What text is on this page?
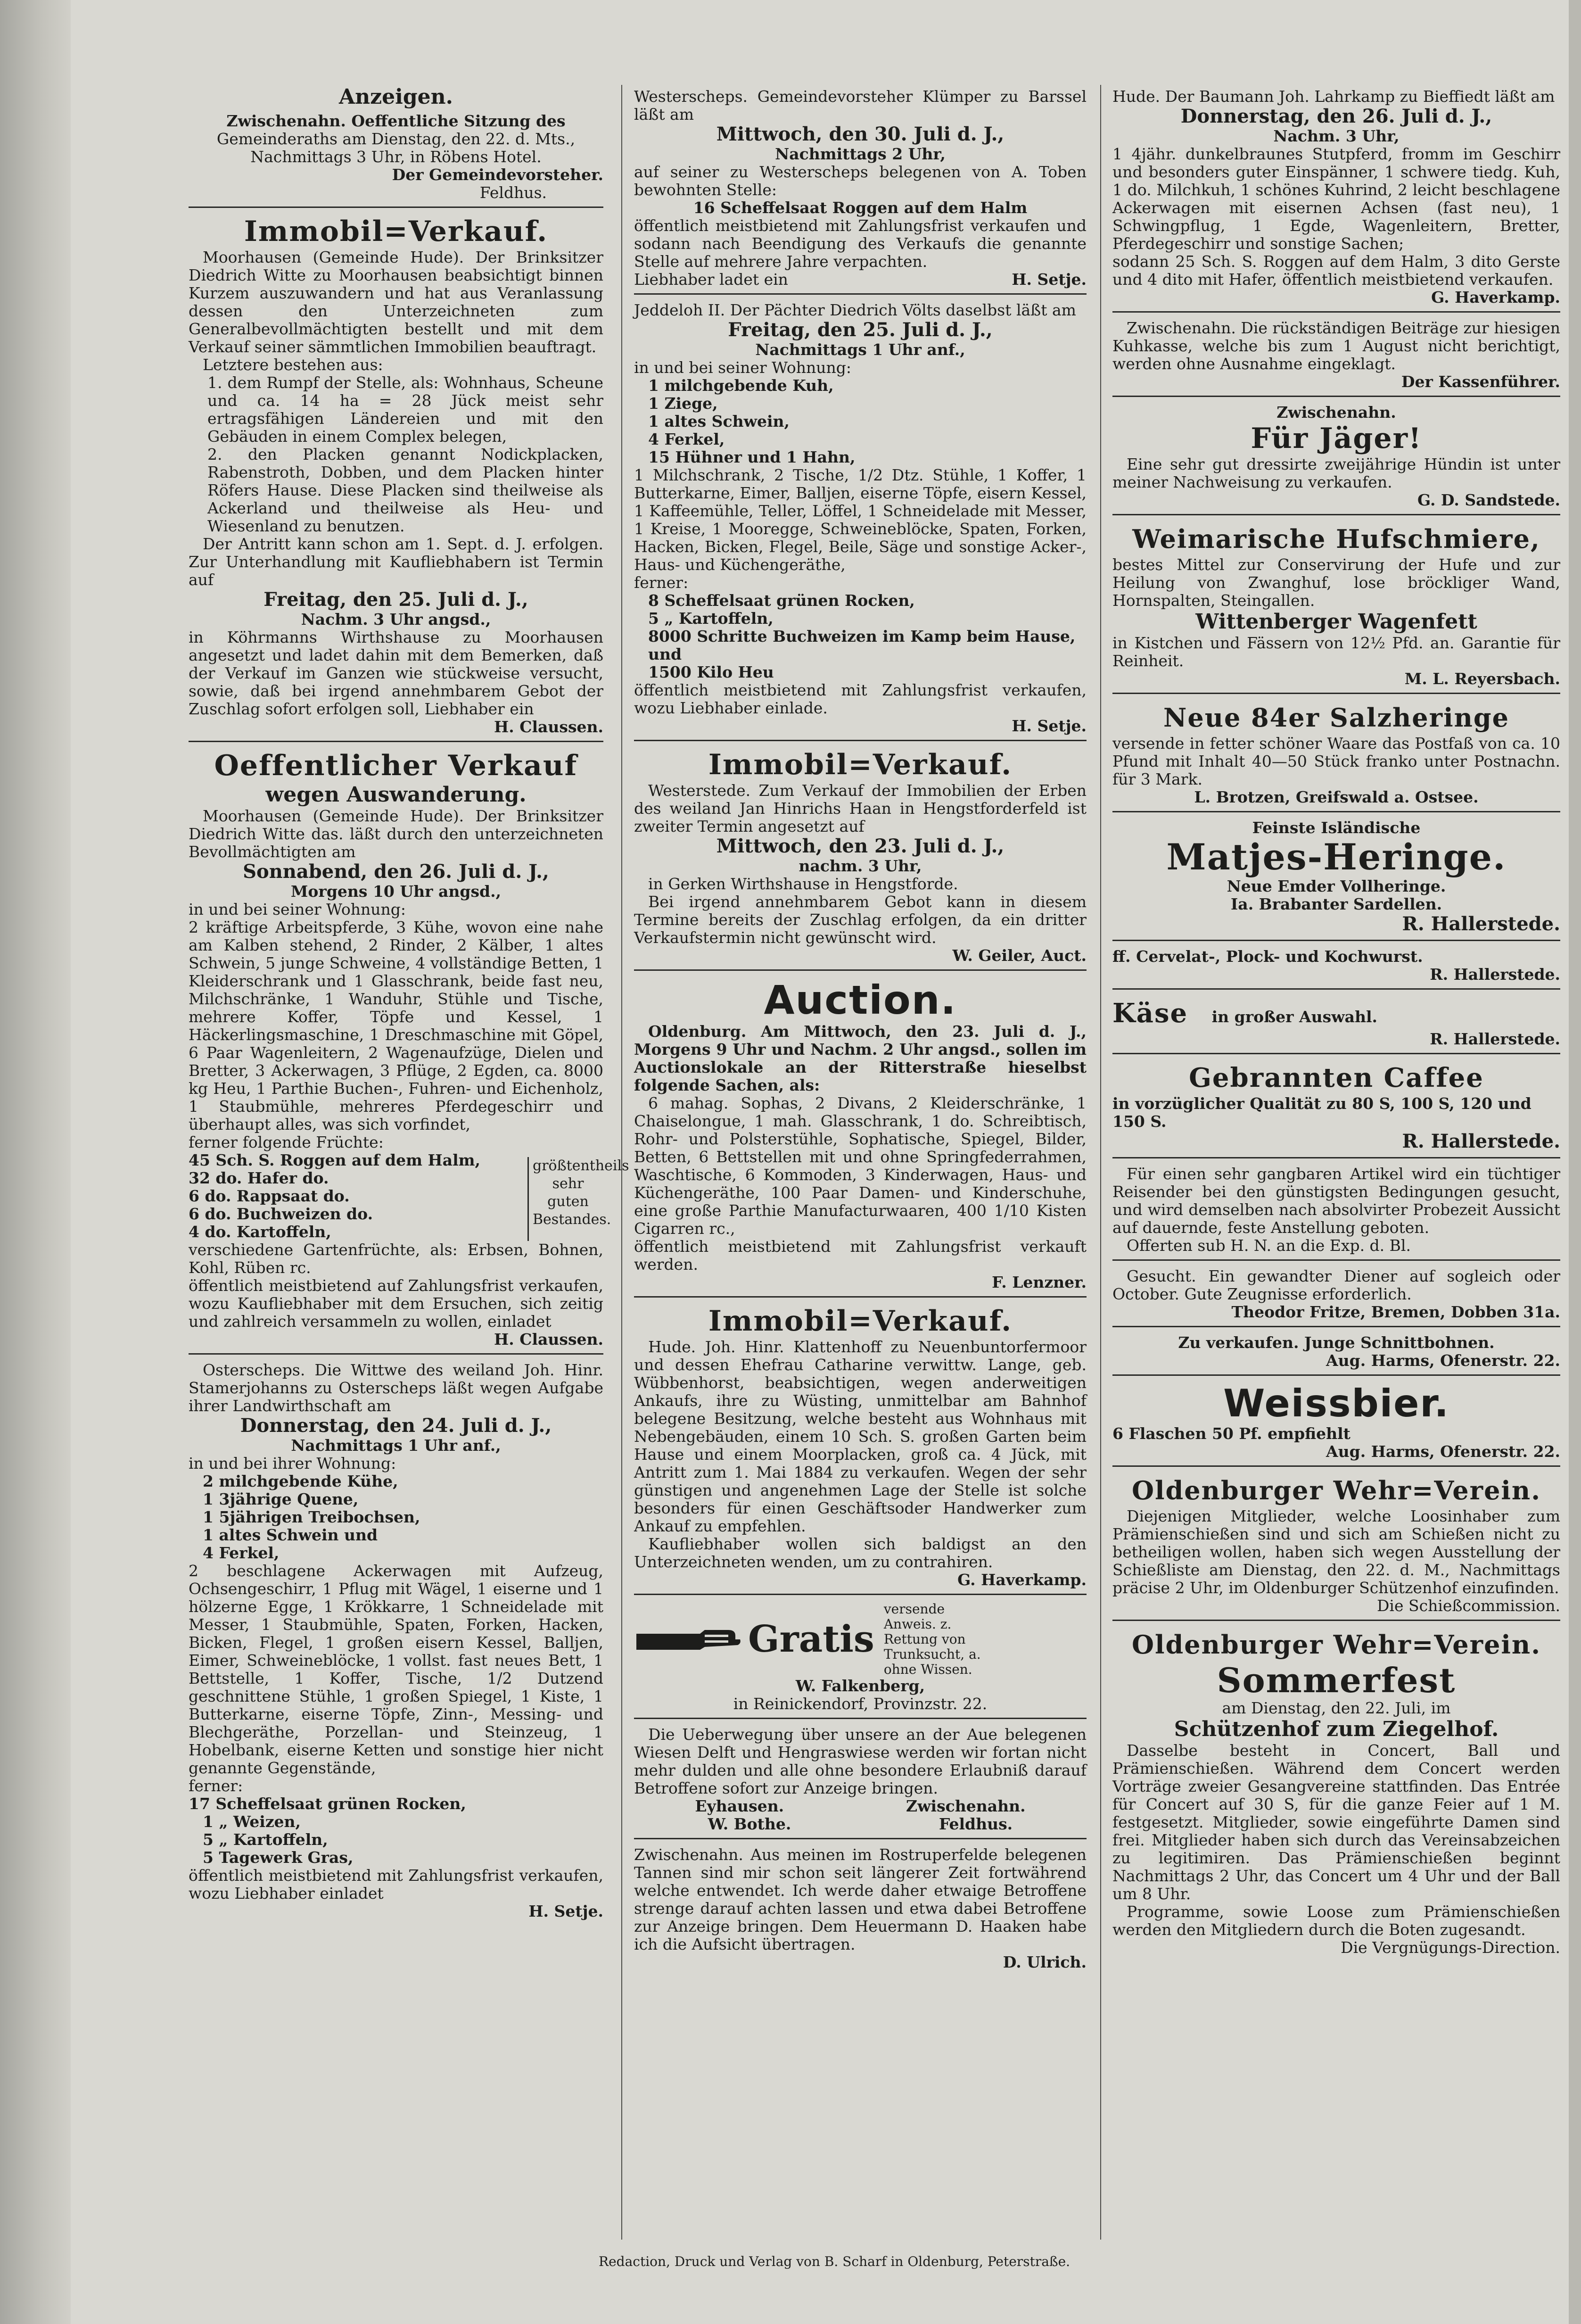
Anzeigen.

Zwischenahn. Oeffentliche Sitzung des

Gemeinderaths am Dienstag, den 22. d. Mts.,

Nachmittags 3 Uhr, in Röbens Hotel.

Der Gemeindevorsteher.

Feldhus.

Immobil=Verkauf.

Moorhausen (Gemeinde Hude). Der Brinksitzer Diedrich Witte zu Moorhausen beabsichtigt binnen Kurzem auszuwandern und hat aus Veranlassung dessen den Unterzeichneten zum Generalbevollmächtigten bestellt und mit dem Verkauf seiner sämmtlichen Immobilien beauftragt.

Letztere bestehen aus:

1. dem Rumpf der Stelle, als: Wohnhaus, Scheune und ca. 14 ha = 28 Jück meist sehr ertragsfähigen Ländereien und mit den Gebäuden in einem Complex belegen,

2. den Placken genannt Nodickplacken, Rabenstroth, Dobben, und dem Placken hinter Röfers Hause. Diese Placken sind theilweise als Ackerland und theilweise als Heu- und Wiesenland zu benutzen.

Der Antritt kann schon am 1. Sept. d. J. erfolgen. Zur Unterhandlung mit Kaufliebhabern ist Termin auf

Freitag, den 25. Juli d. J.,

Nachm. 3 Uhr angsd.,

in Köhrmanns Wirthshause zu Moorhausen angesetzt und ladet dahin mit dem Bemerken, daß der Verkauf im Ganzen wie stückweise versucht, sowie, daß bei irgend annehmbarem Gebot der Zuschlag sofort erfolgen soll, Liebhaber ein

H. Claussen.

Oeffentlicher Verkauf

wegen Auswanderung.

Moorhausen (Gemeinde Hude). Der Brinksitzer Diedrich Witte das. läßt durch den unterzeichneten Bevollmächtigten am

Sonnabend, den 26. Juli d. J.,

Morgens 10 Uhr angsd.,

in und bei seiner Wohnung:

2 kräftige Arbeitspferde, 3 Kühe, wovon eine nahe am Kalben stehend, 2 Rinder, 2 Kälber, 1 altes Schwein, 5 junge Schweine, 4 vollständige Betten, 1 Kleiderschrank und 1 Glasschrank, beide fast neu, Milchschränke, 1 Wanduhr, Stühle und Tische, mehrere Koffer, Töpfe und Kessel, 1 Häckerlingsmaschine, 1 Dreschmaschine mit Göpel, 6 Paar Wagenleitern, 2 Wagenaufzüge, Dielen und Bretter, 3 Ackerwagen, 3 Pflüge, 2 Egden, ca. 8000 kg Heu, 1 Parthie Buchen-, Fuhren- und Eichenholz, 1 Staubmühle, mehreres Pferdegeschirr und überhaupt alles, was sich vorfindet,

ferner folgende Früchte:

45 Sch. S. Roggen auf dem Halm,

32 do. Hafer do.

6 do. Rappsaat do.

6 do. Buchweizen do.

4 do. Kartoffeln,

größtentheils sehr guten Bestandes.

verschiedene Gartenfrüchte, als: Erbsen, Bohnen, Kohl, Rüben rc.

öffentlich meistbietend auf Zahlungsfrist verkaufen, wozu Kaufliebhaber mit dem Ersuchen, sich zeitig und zahlreich versammeln zu wollen, einladet

H. Claussen.

Osterscheps. Die Wittwe des weiland Joh. Hinr. Stamerjohanns zu Osterscheps läßt wegen Aufgabe ihrer Landwirthschaft am

Donnerstag, den 24. Juli d. J.,

Nachmittags 1 Uhr anf.,

in und bei ihrer Wohnung:

2 milchgebende Kühe,

1 3jährige Quene,

1 5jährigen Treibochsen,

1 altes Schwein und

4 Ferkel,

2 beschlagene Ackerwagen mit Aufzeug, Ochsengeschirr, 1 Pflug mit Wägel, 1 eiserne und 1 hölzerne Egge, 1 Krökkarre, 1 Schneidelade mit Messer, 1 Staubmühle, Spaten, Forken, Hacken, Bicken, Flegel, 1 großen eisern Kessel, Balljen, Eimer, Schweineblöcke, 1 vollst. fast neues Bett, 1 Bettstelle, 1 Koffer, Tische, 1/2 Dutzend geschnittene Stühle, 1 großen Spiegel, 1 Kiste, 1 Butterkarne, eiserne Töpfe, Zinn-, Messing- und Blechgeräthe, Porzellan- und Steinzeug, 1 Hobelbank, eiserne Ketten und sonstige hier nicht genannte Gegenstände,

ferner:

17 Scheffelsaat grünen Rocken,

1 „ Weizen,

5 „ Kartoffeln,

5 Tagewerk Gras,

öffentlich meistbietend mit Zahlungsfrist verkaufen, wozu Liebhaber einladet

H. Setje.

Westerscheps. Gemeindevorsteher Klümper zu Barssel läßt am

Mittwoch, den 30. Juli d. J.,

Nachmittags 2 Uhr,

auf seiner zu Westerscheps belegenen von A. Toben bewohnten Stelle:

16 Scheffelsaat Roggen auf dem Halm

öffentlich meistbietend mit Zahlungsfrist verkaufen und sodann nach Beendigung des Verkaufs die genannte Stelle auf mehrere Jahre verpachten.

Liebhaber ladet ein	H. Setje.

Jeddeloh II. Der Pächter Diedrich Völts daselbst läßt am

Freitag, den 25. Juli d. J.,

Nachmittags 1 Uhr anf.,

in und bei seiner Wohnung:

1 milchgebende Kuh,

1 Ziege,

1 altes Schwein,

4 Ferkel,

15 Hühner und 1 Hahn,

1 Milchschrank, 2 Tische, 1/2 Dtz. Stühle, 1 Koffer, 1 Butterkarne, Eimer, Balljen, eiserne Töpfe, eisern Kessel, 1 Kaffeemühle, Teller, Löffel, 1 Schneidelade mit Messer, 1 Kreise, 1 Mooregge, Schweineblöcke, Spaten, Forken, Hacken, Bicken, Flegel, Beile, Säge und sonstige Acker-, Haus- und Küchengeräthe,

ferner:

8 Scheffelsaat grünen Rocken,

5 „ Kartoffeln,

8000 Schritte Buchweizen im Kamp beim Hause, und

1500 Kilo Heu

öffentlich meistbietend mit Zahlungsfrist verkaufen, wozu Liebhaber einlade.

H. Setje.

Immobil=Verkauf.

Westerstede. Zum Verkauf der Immobilien der Erben des weiland Jan Hinrichs Haan in Hengstforderfeld ist zweiter Termin angesetzt auf

Mittwoch, den 23. Juli d. J.,

nachm. 3 Uhr,

in Gerken Wirthshause in Hengstforde.

Bei irgend annehmbarem Gebot kann in diesem Termine bereits der Zuschlag erfolgen, da ein dritter Verkaufstermin nicht gewünscht wird.

W. Geiler, Auct.

Auction.

Oldenburg. Am Mittwoch, den 23. Juli d. J., Morgens 9 Uhr und Nachm. 2 Uhr angsd., sollen im Auctionslokale an der Ritterstraße hieselbst folgende Sachen, als:

6 mahag. Sophas, 2 Divans, 2 Kleiderschränke, 1 Chaiselongue, 1 mah. Glasschrank, 1 do. Schreibtisch, Rohr- und Polsterstühle, Sophatische, Spiegel, Bilder, Betten, 6 Bettstellen mit und ohne Springfederrahmen, Waschtische, 6 Kommoden, 3 Kinderwagen, Haus- und Küchengeräthe, 100 Paar Damen- und Kinderschuhe, eine große Parthie Manufacturwaaren, 400 1/10 Kisten Cigarren rc.,

öffentlich meistbietend mit Zahlungsfrist verkauft werden.

F. Lenzner.

Immobil=Verkauf.

Hude. Joh. Hinr. Klattenhoff zu Neuenbuntorfermoor und dessen Ehefrau Catharine verwittw. Lange, geb. Wübbenhorst, beabsichtigen, wegen anderweitigen Ankaufs, ihre zu Wüsting, unmittelbar am Bahnhof belegene Besitzung, welche besteht aus Wohnhaus mit Nebengebäuden, einem 10 Sch. S. großen Garten beim Hause und einem Moorplacken, groß ca. 4 Jück, mit Antritt zum 1. Mai 1884 zu verkaufen. Wegen der sehr günstigen und angenehmen Lage der Stelle ist solche besonders für einen Geschäftsoder Handwerker zum Ankauf zu empfehlen.

Kaufliebhaber wollen sich baldigst an den Unterzeichneten wenden, um zu contrahiren.

G. Haverkamp.

Gratis
versende Anweis. z. Rettung von Trunksucht, a. ohne Wissen.

W. Falkenberg,

in Reinickendorf, Provinzstr. 22.

Die Ueberwegung über unsere an der Aue belegenen Wiesen Delft und Hengraswiese werden wir fortan nicht mehr dulden und alle ohne besondere Erlaubniß darauf Betroffene sofort zur Anzeige bringen.

Eyhausen.	Zwischenahn.

W. Bothe.	Feldhus.

Zwischenahn. Aus meinen im Rostruperfelde belegenen Tannen sind mir schon seit längerer Zeit fortwährend welche entwendet. Ich werde daher etwaige Betroffene strenge darauf achten lassen und etwa dabei Betroffene zur Anzeige bringen. Dem Heuermann D. Haaken habe ich die Aufsicht übertragen.

D. Ulrich.

Hude. Der Baumann Joh. Lahrkamp zu Bieffiedt läßt am

Donnerstag, den 26. Juli d. J.,

Nachm. 3 Uhr,

1 4jähr. dunkelbraunes Stutpferd, fromm im Geschirr und besonders guter Einspänner, 1 schwere tiedg. Kuh, 1 do. Milchkuh, 1 schönes Kuhrind, 2 leicht beschlagene Ackerwagen mit eisernen Achsen (fast neu), 1 Schwingpflug, 1 Egde, Wagenleitern, Bretter, Pferdegeschirr und sonstige Sachen;

sodann 25 Sch. S. Roggen auf dem Halm, 3 dito Gerste und 4 dito mit Hafer, öffentlich meistbietend verkaufen.

G. Haverkamp.

Zwischenahn. Die rückständigen Beiträge zur hiesigen Kuhkasse, welche bis zum 1 August nicht berichtigt, werden ohne Ausnahme eingeklagt.

Der Kassenführer.

Zwischenahn.

Für Jäger!

Eine sehr gut dressirte zweijährige Hündin ist unter meiner Nachweisung zu verkaufen.

G. D. Sandstede.

Weimarische Hufschmiere,

bestes Mittel zur Conservirung der Hufe und zur Heilung von Zwanghuf, lose bröckliger Wand, Hornspalten, Steingallen.

Wittenberger Wagenfett

in Kistchen und Fässern von 12½ Pfd. an. Garantie für Reinheit.

M. L. Reyersbach.

Neue 84er Salzheringe

versende in fetter schöner Waare das Postfaß von ca. 10 Pfund mit Inhalt 40—50 Stück franko unter Postnachn. für 3 Mark.

L. Brotzen, Greifswald a. Ostsee.

Feinste Isländische

Matjes-Heringe.

Neue Emder Vollheringe.

Ia. Brabanter Sardellen.

R. Hallerstede.

ff. Cervelat-, Plock- und Kochwurst.

R. Hallerstede.

Käse in großer Auswahl.

R. Hallerstede.

Gebrannten Caffee

in vorzüglicher Qualität zu 80 S, 100 S, 120 und 150 S.

R. Hallerstede.

Für einen sehr gangbaren Artikel wird ein tüchtiger Reisender bei den günstigsten Bedingungen gesucht, und wird demselben nach absolvirter Probezeit Aussicht auf dauernde, feste Anstellung geboten.

Offerten sub H. N. an die Exp. d. Bl.

Gesucht. Ein gewandter Diener auf sogleich oder October. Gute Zeugnisse erforderlich.

Theodor Fritze, Bremen, Dobben 31a.

Zu verkaufen. Junge Schnittbohnen.

Aug. Harms, Ofenerstr. 22.

Weissbier.

6 Flaschen 50 Pf. empfiehlt

Aug. Harms, Ofenerstr. 22.

Oldenburger Wehr=Verein.

Diejenigen Mitglieder, welche Loosinhaber zum Prämienschießen sind und sich am Schießen nicht zu betheiligen wollen, haben sich wegen Ausstellung der Schießliste am Dienstag, den 22. d. M., Nachmittags präcise 2 Uhr, im Oldenburger Schützenhof einzufinden.

Die Schießcommission.

Oldenburger Wehr=Verein.

Sommerfest

am Dienstag, den 22. Juli, im

Schützenhof zum Ziegelhof.

Dasselbe besteht in Concert, Ball und Prämienschießen. Während dem Concert werden Vorträge zweier Gesangvereine stattfinden. Das Entrée für Concert auf 30 S, für die ganze Feier auf 1 M. festgesetzt. Mitglieder, sowie eingeführte Damen sind frei. Mitglieder haben sich durch das Vereinsabzeichen zu legitimiren. Das Prämienschießen beginnt Nachmittags 2 Uhr, das Concert um 4 Uhr und der Ball um 8 Uhr.

Programme, sowie Loose zum Prämienschießen werden den Mitgliedern durch die Boten zugesandt.

Die Vergnügungs-Direction.

Redaction, Druck und Verlag von B. Scharf in Oldenburg, Peterstraße.
